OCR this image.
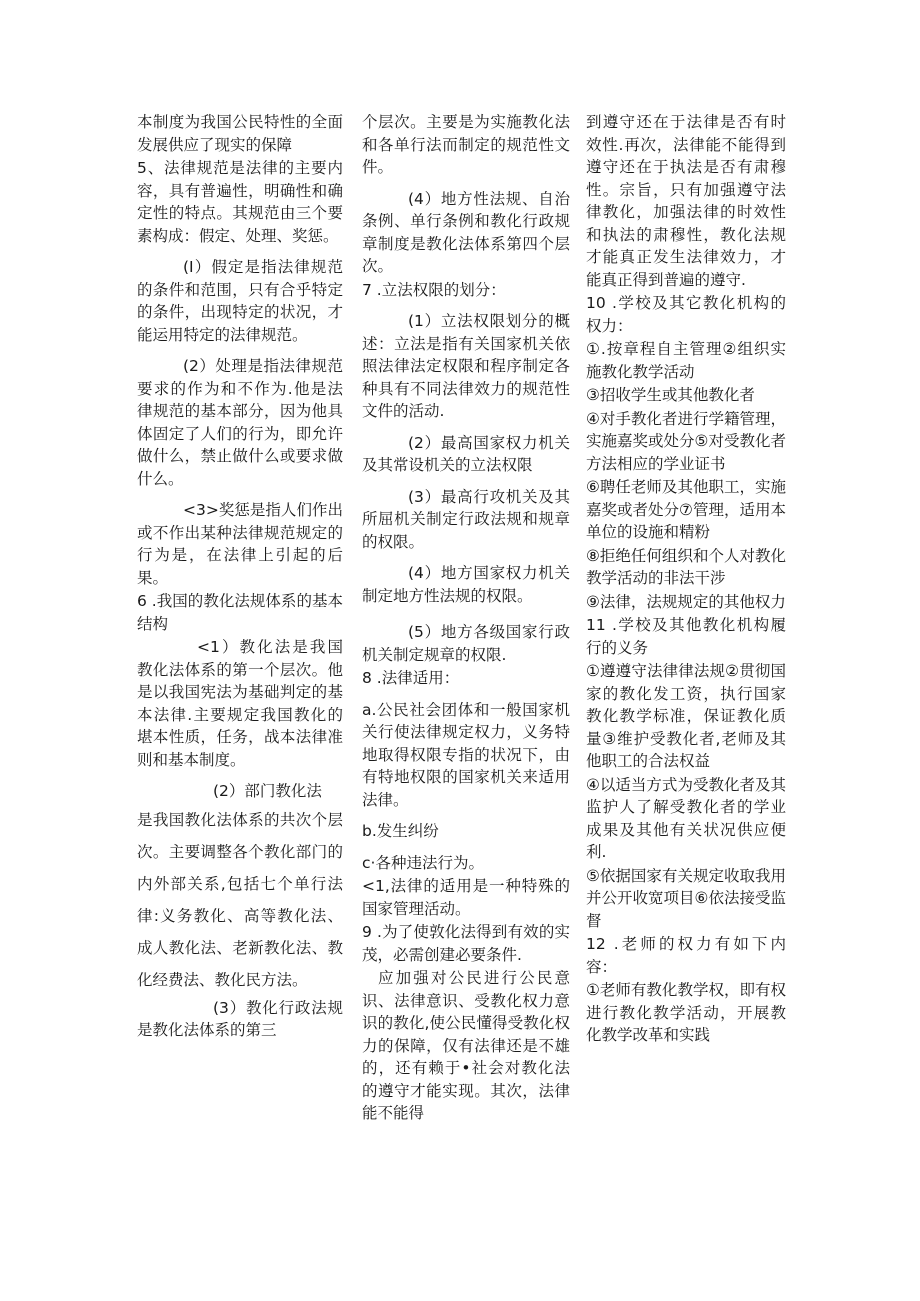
本制度为我国公民特性的全面发展供应了现实的保障

5、法律规范是法律的主要内容，具有普遍性，明确性和确定性的特点。其规范由三个要素构成：假定、处理、奖惩。

(I）假定是指法律规范的条件和范围，只有合乎特定的条件，出现特定的状况，才能运用特定的法律规范。

(2）处理是指法律规范要求的作为和不作为.他是法律规范的基本部分，因为他具体固定了人们的行为，即允许做什么，禁止做什么或要求做什么。

<3>奖惩是指人们作出或不作出某种法律规范规定的行为是，在法律上引起的后果。

6 .我国的教化法规体系的基本结构

<1）教化法是我国教化法体系的第一个层次。他是以我国宪法为基础判定的基本法律.主要规定我国教化的堪本性质，任务，战本法律准则和基本制度。

(2）部门教化法

是我国教化法体系的共次个层次。主要调整各个教化部门的内外部关系,包括七个单行法律:义务教化、高等教化法、成人教化法、老新教化法、教化经费法、教化民方法。

(3）教化行政法规是教化法体系的第三

个层次。主要是为实施教化法和各单行法而制定的规范性文件。

(4）地方性法规、自治条例、单行条例和教化行政规章制度是教化法体系第四个层次。

7 .立法权限的划分：

(1）立法权限划分的概述：立法是指有关国家机关依照法律法定权限和程序制定各种具有不同法律效力的规范性文件的活动.

(2）最高国家权力机关及其常设机关的立法权限

(3）最高行攻机关及其所屈机关制定行政法规和规章的权限。

(4）地方国家权力机关制定地方性法规的权限。

(5）地方各级国家行政机关制定规章的权限.

8 .法律适用：

a.公民社会团体和一般国家机关行使法律规定权力，义务特地取得权限专指的状况下，由有特地权限的国家机关来适用法律。

b.发生纠纷

c·各种违法行为。

<1,法律的适用是一种特殊的国家管理活动。

9 .为了使敦化法得到有效的实茂，必需创建必要条件.

应加强对公民进行公民意识、法律意识、受教化权力意识的教化,使公民懂得受教化权力的保障，仅有法律还是不雄的，还有赖于•社会对教化法的遵守才能实现。其次，法律能不能得

到遵守还在于法律是否有时效性.再次，法律能不能得到遵守还在于执法是否有肃穆性。宗旨，只有加强遵守法律教化，加强法律的时效性和执法的肃穆性，教化法规才能真正发生法律效力，才能真正得到普遍的遵守.

10 .学校及其它教化机构的权力：

①.按章程自主管理②组织实施教化教学活动

③招收学生或其他教化者

④对手教化者进行学籍管理，实施嘉奖或处分⑤对受教化者方法相应的学业证书

⑥聘任老师及其他职工，实施嘉奖或者处分⑦管理，适用本单位的设施和精粉

⑧拒绝任何组织和个人对教化教学活动的非法干涉

⑨法律，法规规定的其他权力

11 .学校及其他教化机构履行的义务

①遵遵守法律律法规②贯彻国家的教化发工资，执行国家教化教学标准，保证教化质量③维护受教化者,老师及其他职工的合法权益

④以适当方式为受教化者及其监护人了解受教化者的学业成果及其他有关状况供应便利.

⑤依据国家有关规定收取我用并公开收宽项目⑥依法接受监督

12 .老师的权力有如下内容：

①老师有教化教学权，即有权进行教化教学活动，开展教化教学改革和实践
